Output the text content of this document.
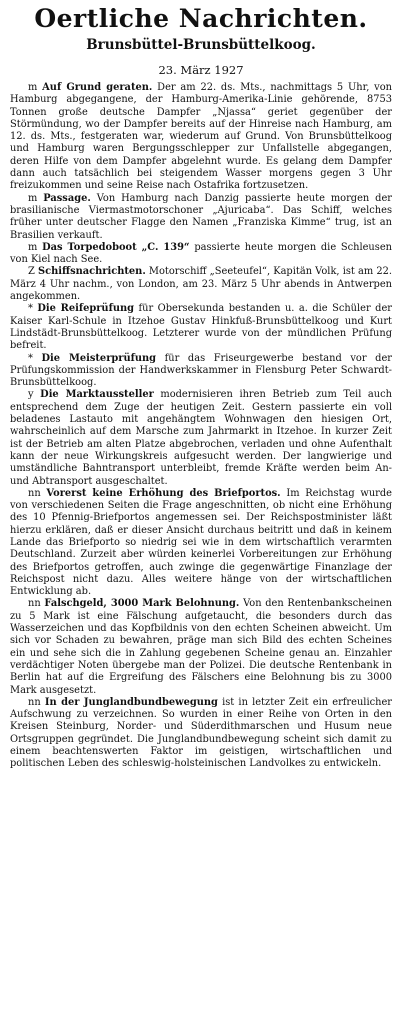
Oertliche Nachrichten.
Brunsbüttel-Brunsbüttelkoog.
23. März 1927

m Auf Grund geraten. Der am 22. ds. Mts., nachmittags 5 Uhr, von Hamburg abgegangene, der Hamburg-Amerika-Linie gehörende, 8753 Tonnen große deutsche Dampfer „Njassa“ geriet gegenüber der Störmündung, wo der Dampfer bereits auf der Hinreise nach Hamburg, am 12. ds. Mts., festgeraten war, wiederum auf Grund. Von Brunsbüttelkoog und Hamburg waren Bergungsschlepper zur Unfallstelle abgegangen, deren Hilfe von dem Dampfer abgelehnt wurde. Es gelang dem Dampfer dann auch tatsächlich bei steigendem Wasser morgens gegen 3 Uhr freizukommen und seine Reise nach Ostafrika fortzusetzen.

m Passage. Von Hamburg nach Danzig passierte heute morgen der brasilianische Viermastmotorschoner „Ajuricaba“. Das Schiff, welches früher unter deutscher Flagge den Namen „Franziska Kimme“ trug, ist an Brasilien verkauft.

m Das Torpedoboot „C. 139“ passierte heute morgen die Schleusen von Kiel nach See.

Z Schiffsnachrichten. Motorschiff „Seeteufel“, Kapitän Volk, ist am 22. März 4 Uhr nachm., von London, am 23. März 5 Uhr abends in Antwerpen angekommen.

* Die Reifeprüfung für Obersekunda bestanden u. a. die Schüler der Kaiser Karl-Schule in Itzehoe Gustav Hinkfuß-Brunsbüttelkoog und Kurt Lindstädt-Brunsbüttelkoog. Letzterer wurde von der mündlichen Prüfung befreit.

* Die Meisterprüfung für das Friseurgewerbe bestand vor der Prüfungskommission der Handwerkskammer in Flensburg Peter Schwardt-Brunsbüttelkoog.

y Die Marktaussteller modernisieren ihren Betrieb zum Teil auch entsprechend dem Zuge der heutigen Zeit. Gestern passierte ein voll beladenes Lastauto mit angehängtem Wohnwagen den hiesigen Ort, wahrscheinlich auf dem Marsche zum Jahrmarkt in Itzehoe. In kurzer Zeit ist der Betrieb am alten Platze abgebrochen, verladen und ohne Aufenthalt kann der neue Wirkungskreis aufgesucht werden. Der langwierige und umständliche Bahntransport unterbleibt, fremde Kräfte werden beim An- und Abtransport ausgeschaltet.

nn Vorerst keine Erhöhung des Briefportos. Im Reichstag wurde von verschiedenen Seiten die Frage angeschnitten, ob nicht eine Erhöhung des 10 Pfennig-Briefportos angemessen sei. Der Reichspostminister läßt hierzu erklären, daß er dieser Ansicht durchaus beitritt und daß in keinem Lande das Briefporto so niedrig sei wie in dem wirtschaftlich verarmten Deutschland. Zurzeit aber würden keinerlei Vorbereitungen zur Erhöhung des Briefportos getroffen, auch zwinge die gegenwärtige Finanzlage der Reichspost nicht dazu. Alles weitere hänge von der wirtschaftlichen Entwicklung ab.

nn Falschgeld, 3000 Mark Belohnung. Von den Rentenbankscheinen zu 5 Mark ist eine Fälschung aufgetaucht, die besonders durch das Wasserzeichen und das Kopfbildnis von den echten Scheinen abweicht. Um sich vor Schaden zu bewahren, präge man sich Bild des echten Scheines ein und sehe sich die in Zahlung gegebenen Scheine genau an. Einzahler verdächtiger Noten übergebe man der Polizei. Die deutsche Rentenbank in Berlin hat auf die Ergreifung des Fälschers eine Belohnung bis zu 3000 Mark ausgesetzt.

nn In der Junglandbundbewegung ist in letzter Zeit ein erfreulicher Aufschwung zu verzeichnen. So wurden in einer Reihe von Orten in den Kreisen Steinburg, Norder- und Süderdithmarschen und Husum neue Ortsgruppen gegründet. Die Junglandbundbewegung scheint sich damit zu einem beachtenswerten Faktor im geistigen, wirtschaftlichen und politischen Leben des schleswig-holsteinischen Landvolkes zu entwickeln.
